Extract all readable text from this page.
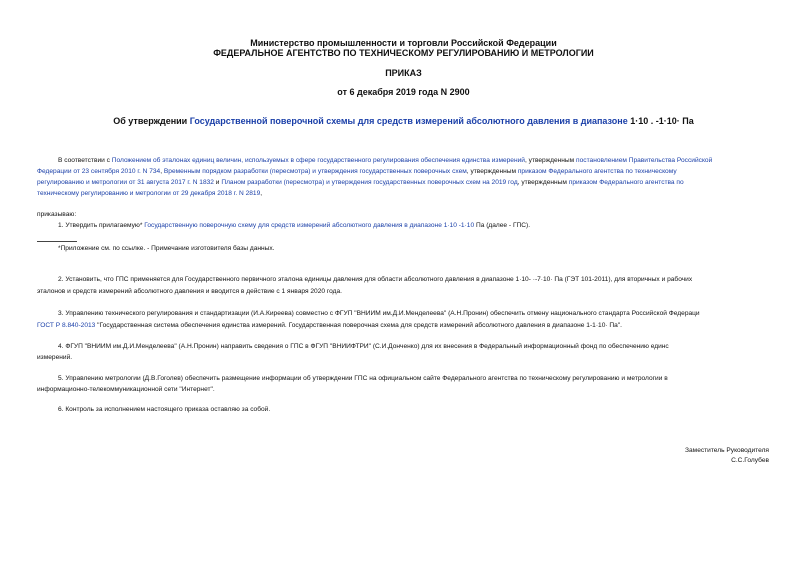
Министерство промышленности и торговли Российской Федерации
ФЕДЕРАЛЬНОЕ АГЕНТСТВО ПО ТЕХНИЧЕСКОМУ РЕГУЛИРОВАНИЮ И МЕТРОЛОГИИ
ПРИКАЗ
от 6 декабря 2019 года N 2900
Об утверждении Государственной поверочной схемы для средств измерений абсолютного давления в диапазоне 1·10 . -1·10· Па
В соответствии с Положением об эталонах единиц величин, используемых в сфере государственного регулирования обеспечения единства измерений, утвержденным постановлением Правительства Российской
Федерации от 23 сентября 2010 г. N 734, Временным порядком разработки (пересмотра) и утверждения государственных поверочных схем, утвержденным приказом Федерального агентства по техническому
регулированию и метрологии от 31 августа 2017 г. N 1832 и Планом разработки (пересмотра) и утверждения государственных поверочных схем на 2019 год, утвержденным приказом Федерального агентства по
техническому регулированию и метрологии от 29 декабря 2018 г. N 2819,
приказываю:
1. Утвердить прилагаемую* Государственную поверочную схему для средств измерений абсолютного давления в диапазоне 1·10 -1·10 Па (далее - ГПС).
*Приложение см. по ссылке. - Примечание изготовителя базы данных.
2. Установить, что ГПС применяется для Государственного первичного эталона единицы давления для области абсолютного давления в диапазоне 1·10- ·-7·10· Па (ГЭТ 101-2011), для вторичных и рабочих
эталонов и средств измерений абсолютного давления и вводится в действие с 1 января 2020 года.
3. Управлению технического регулирования и стандартизации (И.А.Киреева) совместно с ФГУП "ВНИИМ им.Д.И.Менделеева" (А.Н.Пронин) обеспечить отмену национального стандарта Российской Федераци
ГОСТ Р 8.840-2013 "Государственная система обеспечения единства измерений. Государственная поверочная схема для средств измерений абсолютного давления в диапазоне 1-1·10· Па".
4. ФГУП "ВНИИМ им.Д.И.Менделеева" (А.Н.Пронин) направить сведения о ГПС в ФГУП "ВНИИФТРИ" (С.И.Донченко) для их внесения в Федеральный информационный фонд по обеспечению единс
измерений.
5. Управлению метрологии (Д.В.Гоголев) обеспечить размещение информации об утверждении ГПС на официальном сайте Федерального агентства по техническому регулированию и метрологии в
информационно-телекоммуникационной сети "Интернет".
6. Контроль за исполнением настоящего приказа оставляю за собой.
Заместитель Руководителя
С.С.Голубев
